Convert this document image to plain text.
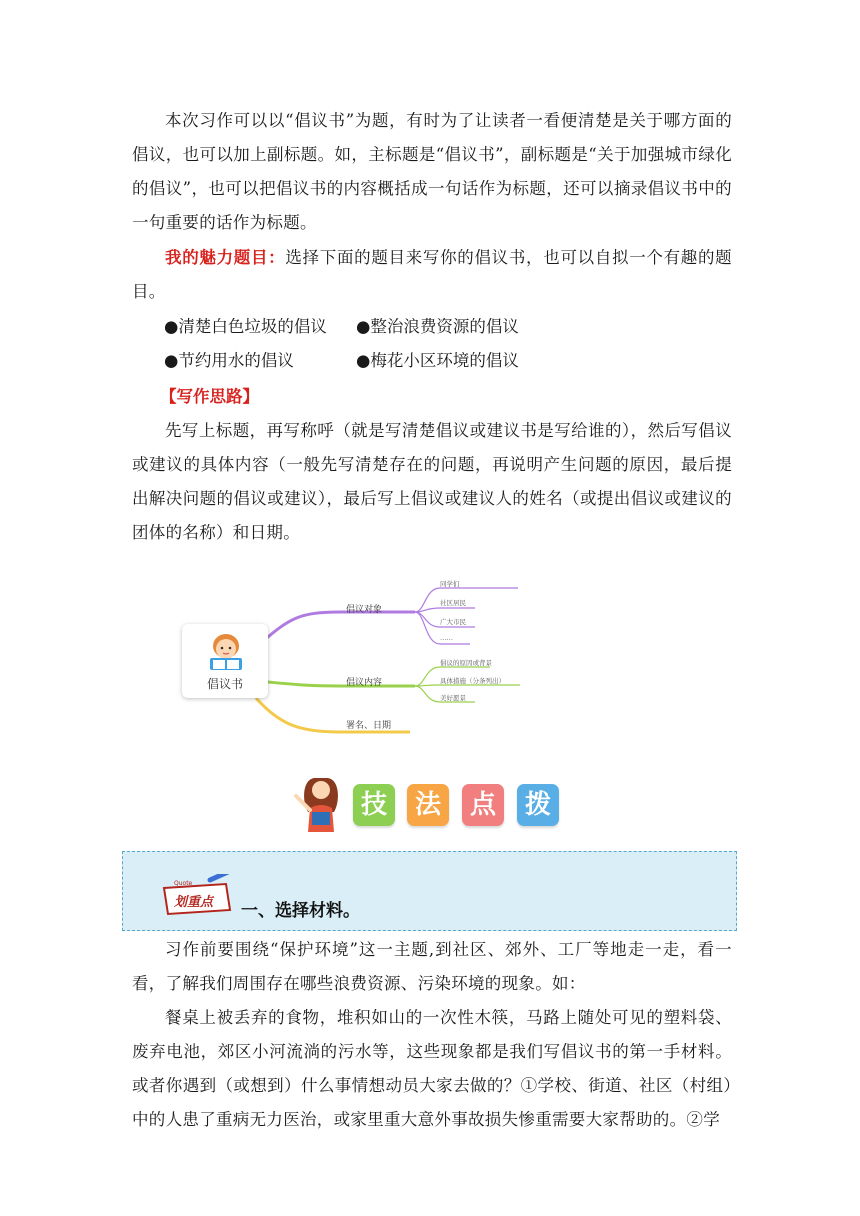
本次习作可以以“倡议书”为题，有时为了让读者一看便清楚是关于哪方面的倡议，也可以加上副标题。如，主标题是“倡议书”，副标题是“关于加强城市绿化的倡议”，也可以把倡议书的内容概括成一句话作为标题，还可以摘录倡议书中的一句重要的话作为标题。
我的魅力题目：选择下面的题目来写你的倡议书，也可以自拟一个有趣的题目。
●清楚白色垃圾的倡议 ●整治浪费资源的倡议
●节约用水的倡议	●梅花小区环境的倡议
【写作思路】
先写上标题，再写称呼（就是写清楚倡议或建议书是写给谁的），然后写倡议或建议的具体内容（一般先写清楚存在的问题，再说明产生问题的原因，最后提出解决问题的倡议或建议），最后写上倡议或建议人的姓名（或提出倡议或建议的团体的名称）和日期。
倡议书
倡议对象
倡议内容
署名、日期
同学们
社区居民
广大市民
……
倡议的原因或背景
具体措施（分条列出）
美好愿景
技	法	点	拨
Quote
划重点 一、选择材料。
习作前要围绕“保护环境”这一主题,到社区、郊外、工厂等地走一走，看一看，了解我们周围存在哪些浪费资源、污染环境的现象。如：
餐桌上被丢弃的食物，堆积如山的一次性木筷，马路上随处可见的塑料袋、废弃电池，郊区小河流淌的污水等，这些现象都是我们写倡议书的第一手材料。或者你遇到（或想到）什么事情想动员大家去做的？①学校、街道、社区（村组）中的人患了重病无力医治，或家里重大意外事故损失惨重需要大家帮助的。②学
